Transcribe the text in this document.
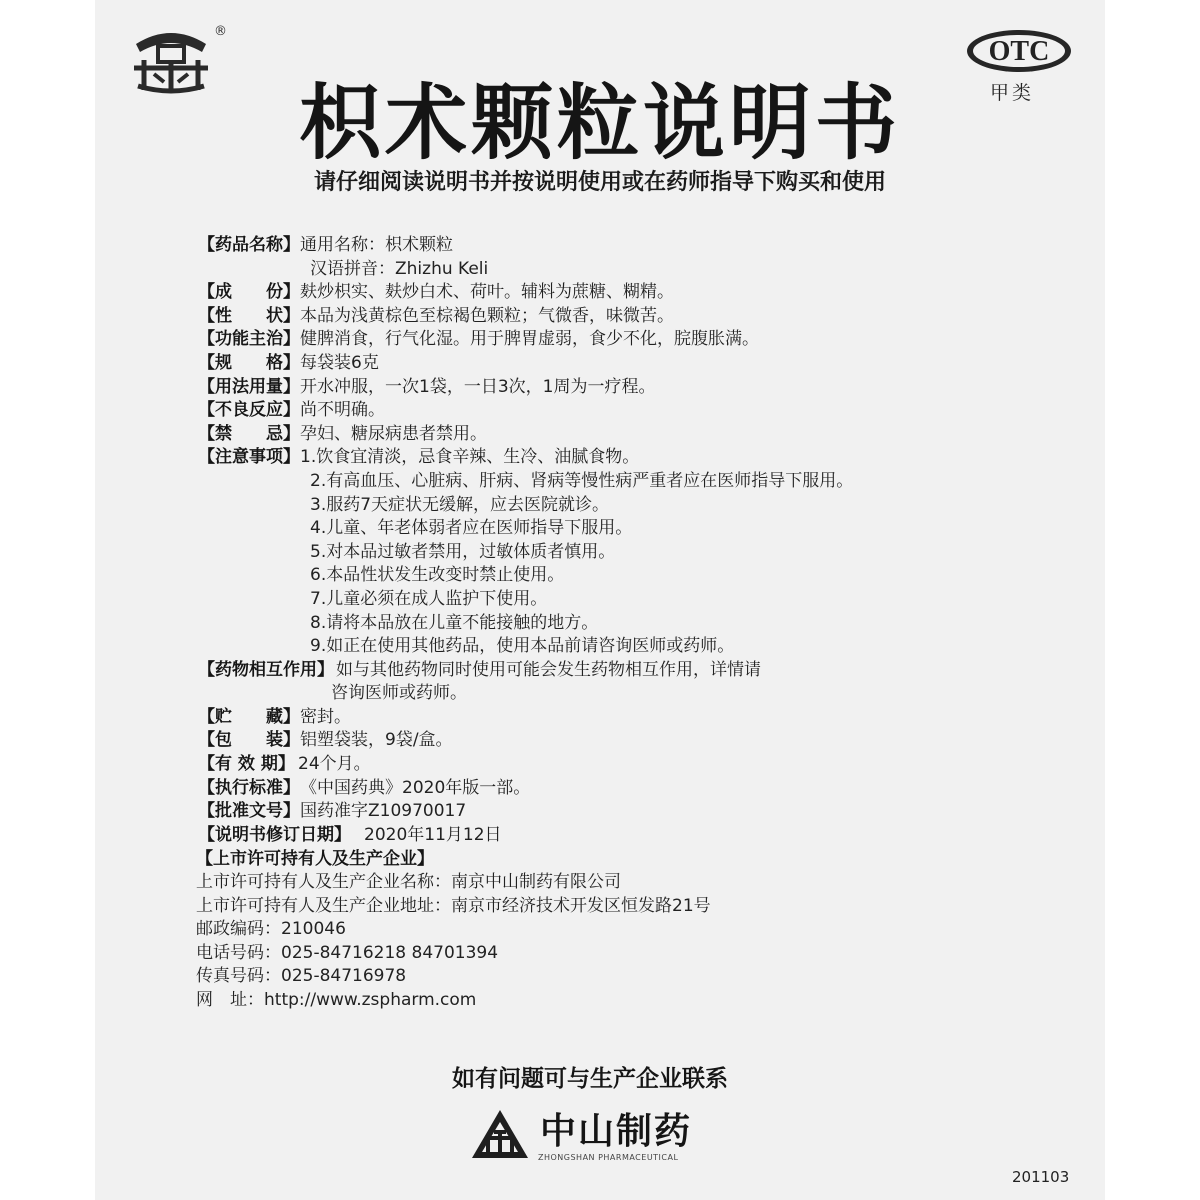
®
OTC
甲类
枳术颗粒说明书
请仔细阅读说明书并按说明使用或在药师指导下购买和使用
【药品名称】 通用名称：枳术颗粒
汉语拼音：Zhizhu Keli
【成　　份】 麸炒枳实、麸炒白术、荷叶。辅料为蔗糖、糊精。
【性　　状】 本品为浅黄棕色至棕褐色颗粒；气微香，味微苦。
【功能主治】 健脾消食，行气化湿。用于脾胃虚弱，食少不化，脘腹胀满。
【规　　格】 每袋装6克
【用法用量】 开水冲服，一次1袋，一日3次，1周为一疗程。
【不良反应】 尚不明确。
【禁　　忌】 孕妇、糖尿病患者禁用。
【注意事项】 1.饮食宜清淡，忌食辛辣、生冷、油腻食物。
2.有高血压、心脏病、肝病、肾病等慢性病严重者应在医师指导下服用。
3.服药7天症状无缓解，应去医院就诊。
4.儿童、年老体弱者应在医师指导下服用。
5.对本品过敏者禁用，过敏体质者慎用。
6.本品性状发生改变时禁止使用。
7.儿童必须在成人监护下使用。
8.请将本品放在儿童不能接触的地方。
9.如正在使用其他药品，使用本品前请咨询医师或药师。
【药物相互作用】 如与其他药物同时使用可能会发生药物相互作用，详情请
咨询医师或药师。
【贮　　藏】 密封。
【包　　装】 铝塑袋装，9袋/盒。
【有 效 期】 24个月。
【执行标准】 《中国药典》2020年版一部。
【批准文号】 国药准字Z10970017
【说明书修订日期】 2020年11月12日
【上市许可持有人及生产企业】
上市许可持有人及生产企业名称：南京中山制药有限公司
上市许可持有人及生产企业地址：南京市经济技术开发区恒发路21号
邮政编码：210046
电话号码：025-84716218 84701394
传真号码：025-84716978
网　址：http://www.zspharm.com
如有问题可与生产企业联系
中山制药
ZHONGSHAN PHARMACEUTICAL
201103
